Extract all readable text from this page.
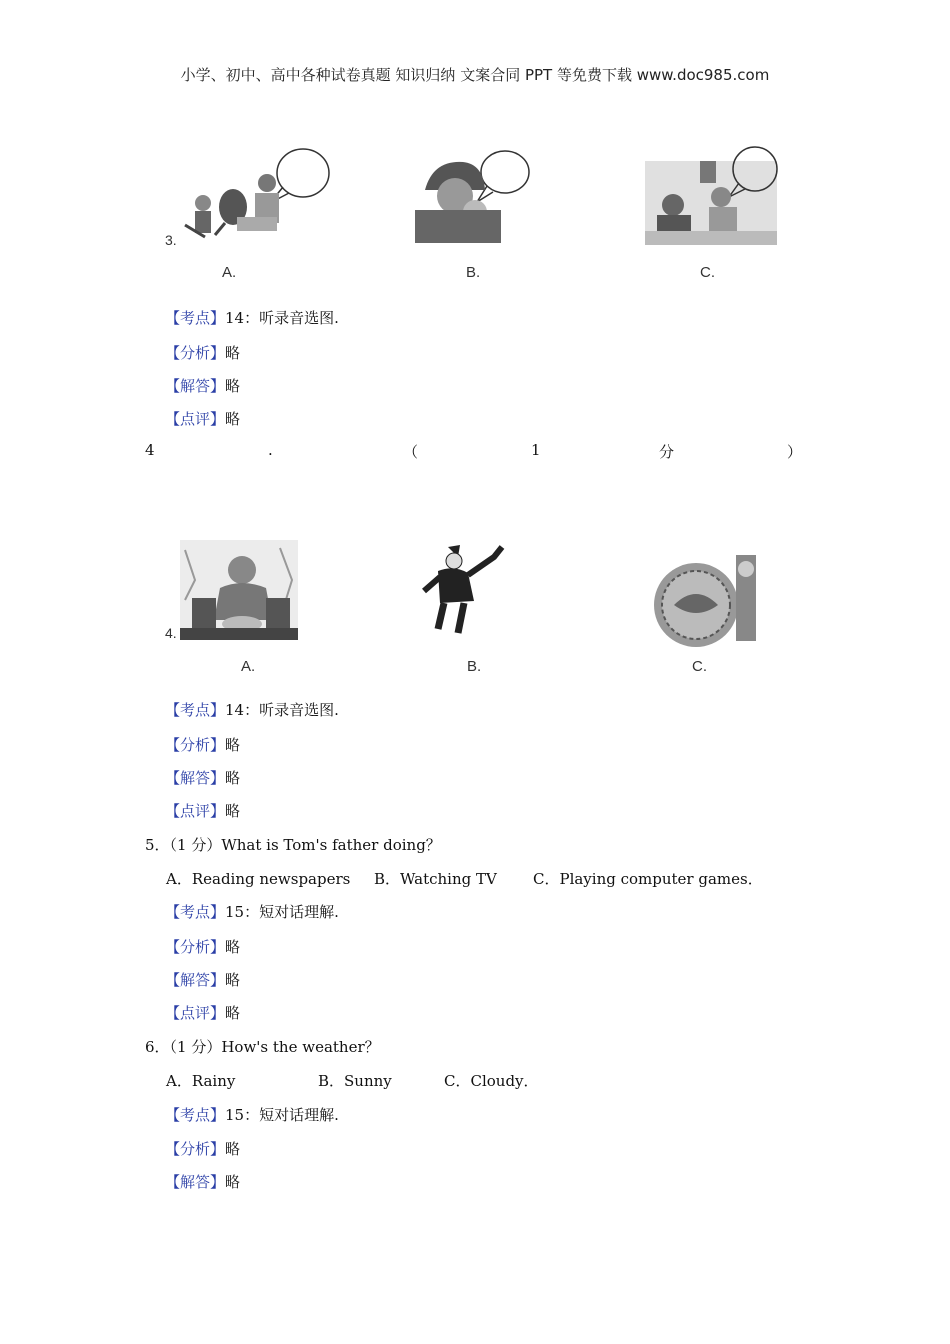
小学、初中、高中各种试卷真题 知识归纳 文案合同 PPT 等免费下载 www.doc985.com
3.
A.	B.	C.
【考点】14：听录音选图.
【分析】略
【解答】略
【点评】略
4	.	（	1	分	）
4.
A.	B.	C.
【考点】14：听录音选图.
【分析】略
【解答】略
【点评】略
5．（1 分）What is Tom's father doing？
A．Reading newspapers B．Watching TV C．Playing computer games．
【考点】15：短对话理解.
【分析】略
【解答】略
【点评】略
6．（1 分）How's the weather？
A．Rainy	B．Sunny	C．Cloudy．
【考点】15：短对话理解.
【分析】略
【解答】略
